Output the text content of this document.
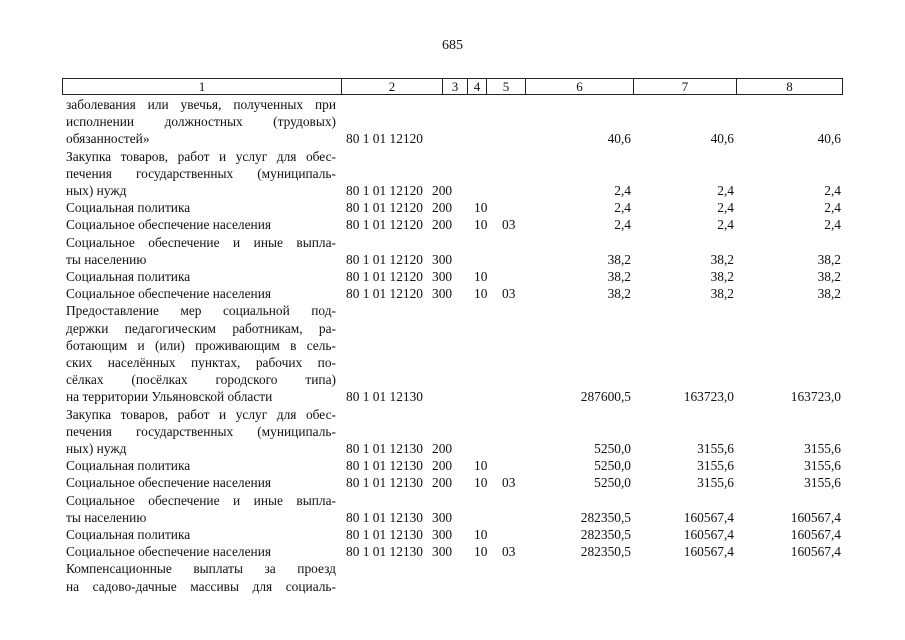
685
1	2	3	4	5	6	7	8
заболевания или увечья, полученных при
исполнении должностных (трудовых)
обязанностей»	80 1 01 12120	40,6	40,6	40,6
Закупка товаров, работ и услуг для обес-
печения государственных (муниципаль-
ных) нужд	80 1 01 12120 200	2,4	2,4	2,4
Социальная политика	80 1 01 12120 200 10	2,4	2,4	2,4
Социальное обеспечение населения	80 1 01 12120 200 10 03	2,4	2,4	2,4
Социальное обеспечение и иные выпла-
ты населению	80 1 01 12120 300	38,2	38,2	38,2
Социальная политика	80 1 01 12120 300 10	38,2	38,2	38,2
Социальное обеспечение населения	80 1 01 12120 300 10 03	38,2	38,2	38,2
Предоставление мер социальной под-
держки педагогическим работникам, ра-
ботающим и (или) проживающим в сель-
ских населённых пунктах, рабочих по-
сёлках (посёлках городского типа)
на территории Ульяновской области	80 1 01 12130	287600,5	163723,0	163723,0
Закупка товаров, работ и услуг для обес-
печения государственных (муниципаль-
ных) нужд	80 1 01 12130 200	5250,0	3155,6	3155,6
Социальная политика	80 1 01 12130 200 10	5250,0	3155,6	3155,6
Социальное обеспечение населения	80 1 01 12130 200 10 03	5250,0	3155,6	3155,6
Социальное обеспечение и иные выпла-
ты населению	80 1 01 12130 300	282350,5	160567,4	160567,4
Социальная политика	80 1 01 12130 300 10	282350,5	160567,4	160567,4
Социальное обеспечение населения	80 1 01 12130 300 10 03	282350,5	160567,4	160567,4
Компенсационные выплаты за проезд
на садово-дачные массивы для социаль-
